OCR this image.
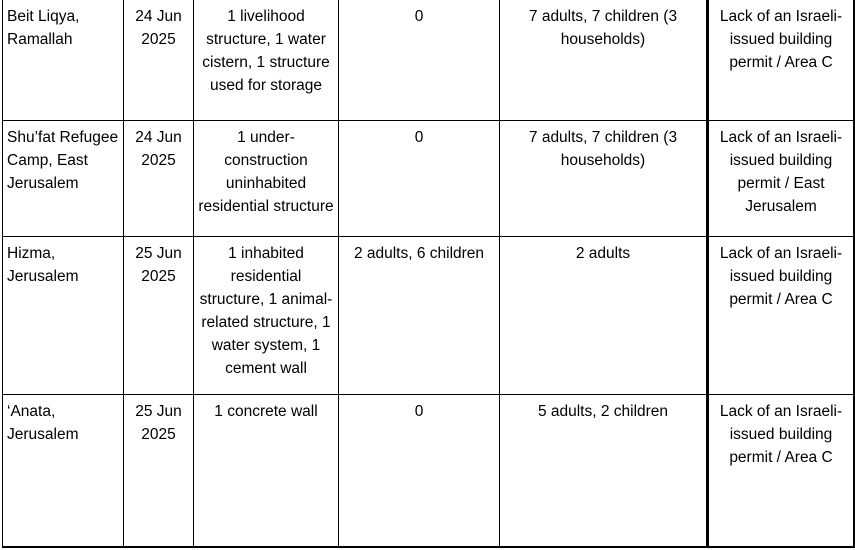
Beit Liqya, Ramallah	24 Jun 2025	1 livelihood structure, 1 water cistern, 1 structure used for storage	0	7 adults, 7 children (3 households)	Lack of an Israeli-issued building permit / Area C
Shu’fat Refugee Camp, East Jerusalem	24 Jun 2025	1 under-construction uninhabited residential structure	0	7 adults, 7 children (3 households)	Lack of an Israeli-issued building permit / East Jerusalem
Hizma, Jerusalem	25 Jun 2025	1 inhabited residential structure, 1 animal-related structure, 1 water system, 1 cement wall	2 adults, 6 children	2 adults	Lack of an Israeli-issued building permit / Area C
‘Anata, Jerusalem	25 Jun 2025	1 concrete wall	0	5 adults, 2 children	Lack of an Israeli-issued building permit / Area C
